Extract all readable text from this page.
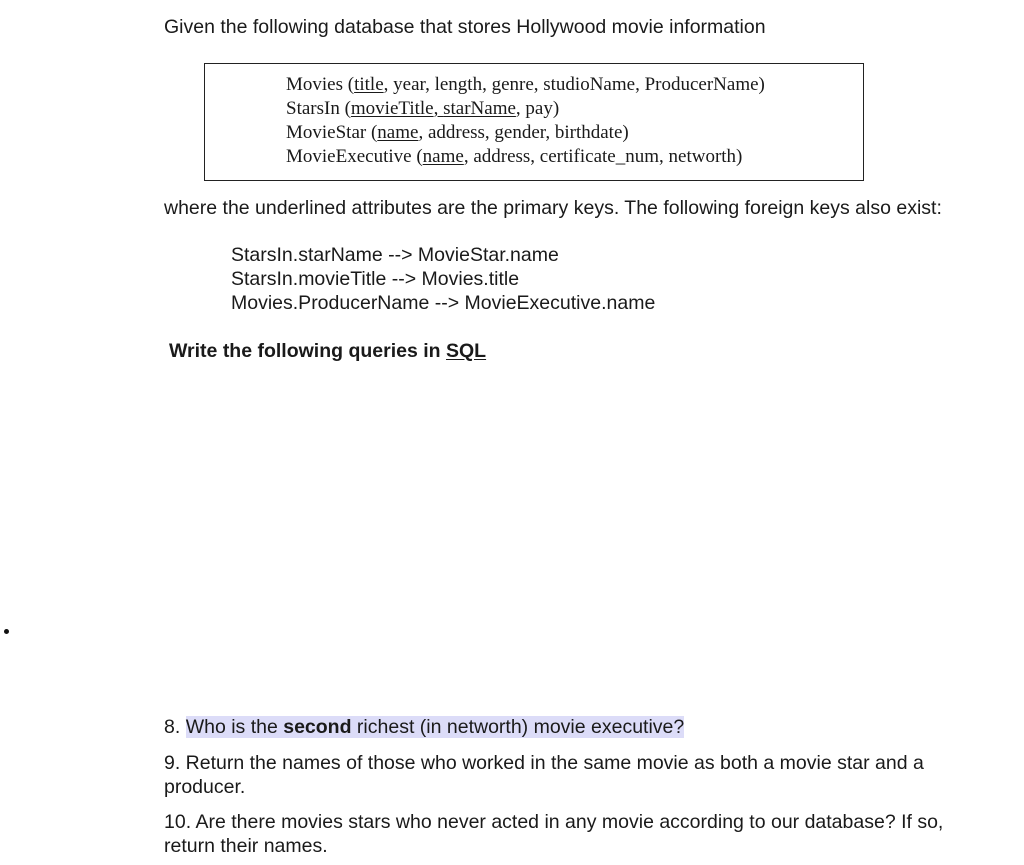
Given the following database that stores Hollywood movie information
Movies (title, year, length, genre, studioName, ProducerName)
StarsIn (movieTitle, starName, pay)
MovieStar (name, address, gender, birthdate)
MovieExecutive (name, address, certificate_num, networth)
where the underlined attributes are the primary keys. The following foreign keys also exist:
StarsIn.starName --> MovieStar.name
StarsIn.movieTitle --> Movies.title
Movies.ProducerName --> MovieExecutive.name
Write the following queries in SQL
8. Who is the second richest (in networth) movie executive?
9. Return the names of those who worked in the same movie as both a movie star and a producer.
10. Are there movies stars who never acted in any movie according to our database? If so, return their names.
